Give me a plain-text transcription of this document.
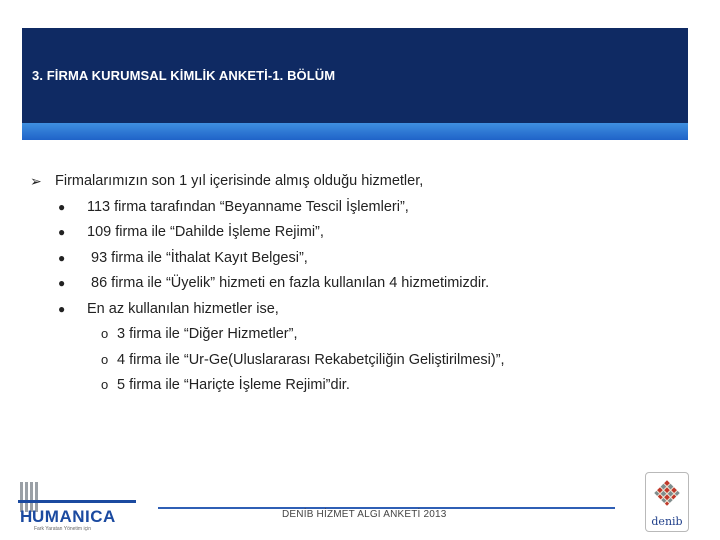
3. FİRMA KURUMSAL KİMLİK ANKETİ-1. BÖLÜM
➢ Firmalarımızın son 1 yıl içerisinde almış olduğu hizmetler,
● 113 firma tarafından “Beyanname Tescil İşlemleri”,
● 109 firma ile “Dahilde İşleme Rejimi”,
● 93 firma ile “İthalat Kayıt Belgesi”,
● 86 firma ile “Üyelik” hizmeti en fazla kullanılan 4 hizmetimizdir.
● En az kullanılan hizmetler ise,
o 3 firma ile “Diğer Hizmetler”,
o 4 firma ile “Ur-Ge(Uluslararası Rekabetçiliğin Geliştirilmesi)”,
o 5 firma ile “Hariçte İşleme Rejimi”dir.
H UMANICA
Fark Yaratan Yönetim için
DENİB HİZMET ALGI ANKETİ 2013
denib
